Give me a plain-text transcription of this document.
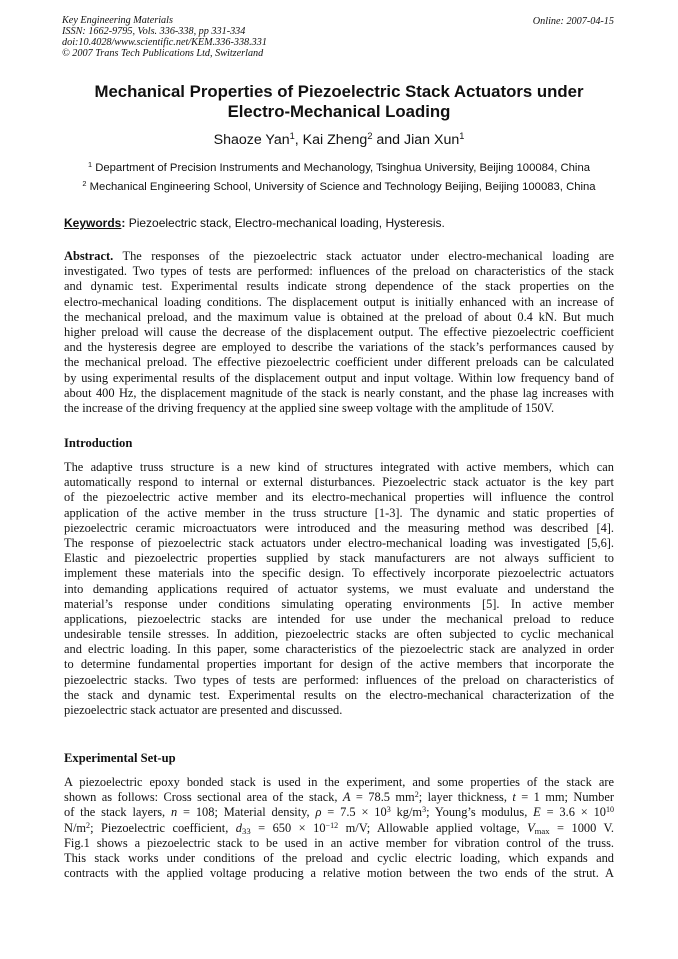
Key Engineering Materials
ISSN: 1662-9795, Vols. 336-338, pp 331-334
doi:10.4028/www.scientific.net/KEM.336-338.331
© 2007 Trans Tech Publications Ltd, Switzerland
Online: 2007-04-15
Mechanical Properties of Piezoelectric Stack Actuators under
Electro-Mechanical Loading
Shaoze Yan$^1$, Kai Zheng$^2$ and Jian Xun$^1$
$^1$ Department of Precision Instruments and Mechanology, Tsinghua University, Beijing 100084, China
$^2$ Mechanical Engineering School, University of Science and Technology Beijing, Beijing 100083, China
Keywords: Piezoelectric stack, Electro-mechanical loading, Hysteresis.
Abstract. The responses of the piezoelectric stack actuator under electro-mechanical loading are
investigated. Two types of tests are performed: influences of the preload on characteristics of the stack
and dynamic test. Experimental results indicate strong dependence of the stack properties on the
electro-mechanical loading conditions. The displacement output is initially enhanced with an increase of
the mechanical preload, and the maximum value is obtained at the preload of about 0.4 kN. But much
higher preload will cause the decrease of the displacement output. The effective piezoelectric coefficient
and the hysteresis degree are employed to describe the variations of the stack’s performances caused by
the mechanical preload. The effective piezoelectric coefficient under different preloads can be calculated
by using experimental results of the displacement output and input voltage. Within low frequency band of
about 400 Hz, the displacement magnitude of the stack is nearly constant, and the phase lag increases with
the increase of the driving frequency at the applied sine sweep voltage with the amplitude of 150V.
Introduction
The adaptive truss structure is a new kind of structures integrated with active members, which can
automatically respond to internal or external disturbances. Piezoelectric stack actuator is the key part
of the piezoelectric active member and its electro-mechanical properties will influence the control
application of the active member in the truss structure [1-3]. The dynamic and static properties of
piezoelectric ceramic microactuators were introduced and the measuring method was described [4].
The response of piezoelectric stack actuators under electro-mechanical loading was investigated [5,6].
Elastic and piezoelectric properties supplied by stack manufacturers are not always sufficient to
implement these materials into the specific design. To effectively incorporate piezoelectric actuators
into demanding applications required of actuator systems, we must evaluate and understand the
material’s response under conditions simulating operating environments [5]. In active member
applications, piezoelectric stacks are intended for use under the mechanical preload to reduce
undesirable tensile stresses. In addition, piezoelectric stacks are often subjected to cyclic mechanical
and electric loading. In this paper, some characteristics of the piezoelectric stack are analyzed in order
to determine fundamental properties important for design of the active members that incorporate the
piezoelectric stacks. Two types of tests are performed: influences of the preload on characteristics of
the stack and dynamic test. Experimental results on the electro-mechanical characterization of the
piezoelectric stack actuator are presented and discussed.
Experimental Set-up
A piezoelectric epoxy bonded stack is used in the experiment, and some properties of the stack are
shown as follows: Cross sectional area of the stack, A = 78.5 $mm^2$; layer thickness, t = 1 mm; Number
of the stack layers, n = 108; Material density, $\rho = 7.5 \times 10^3$ $kg/m^3$; Young’s modulus, $E = 3.6 \times 10^{10}$
$N/m^2$; Piezoelectric coefficient, $d_{33} = 650 \times 10^{-12}$ m/V; Allowable applied voltage, $V_{max} = 1000$ V.
Fig.1 shows a piezoelectric stack to be used in an active member for vibration control of the truss.
This stack works under conditions of the preload and cyclic electric loading, which expands and
contracts with the applied voltage producing a relative motion between the two ends of the strut. A
